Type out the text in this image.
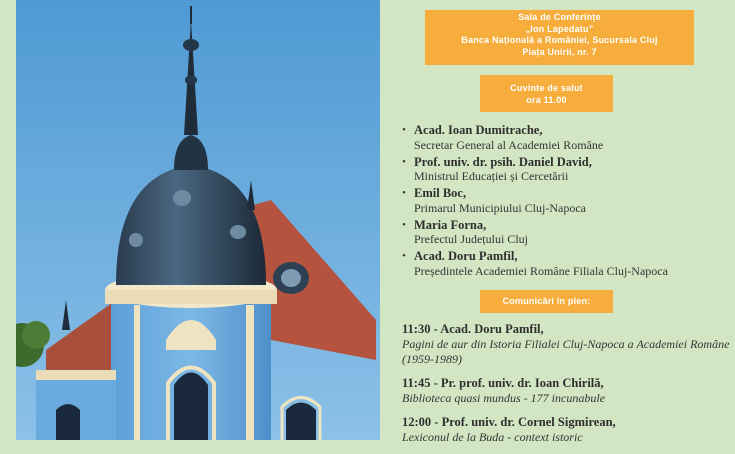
Sala de Conferințe
„Ion Lapedatu”
Banca Națională a României, Sucursala Cluj
Piața Unirii, nr. 7
Cuvinte de salut
ora 11.00
• Acad. Ioan Dumitrache,
Secretar General al Academiei Române
• Prof. univ. dr. psih. Daniel David,
Ministrul Educației și Cercetării
• Emil Boc,
Primarul Municipiului Cluj-Napoca
• Maria Forna,
Prefectul Județului Cluj
• Acad. Doru Pamfil,
Președintele Academiei Române Filiala Cluj-Napoca
Comunicări în plen:
11:30 - Acad. Doru Pamfil,
Pagini de aur din Istoria Filialei Cluj-Napoca a Academiei Române (1959-1989)
11:45 - Pr. prof. univ. dr. Ioan Chirilă,
Biblioteca quasi mundus - 177 incunabule
12:00 - Prof. univ. dr. Cornel Sigmirean,
Lexiconul de la Buda - context istoric
